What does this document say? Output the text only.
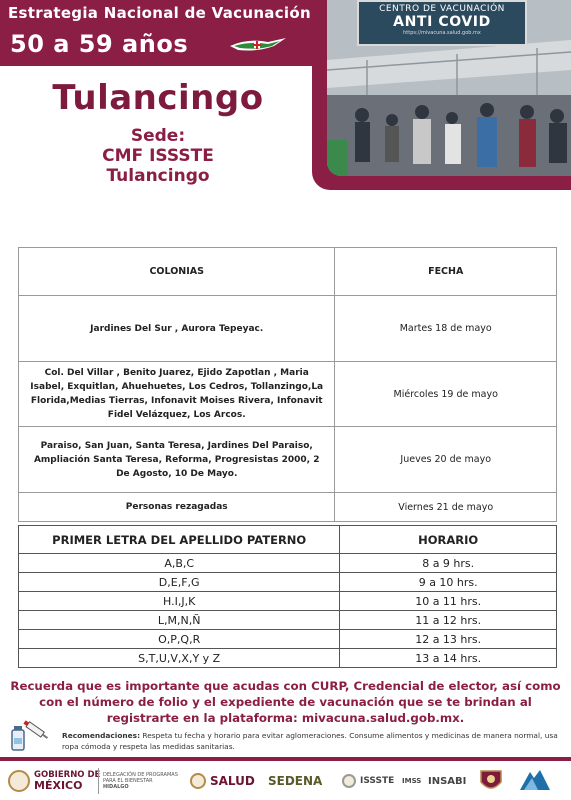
Estrategia Nacional de Vacunación
50 a 59 años
CENTRO DE VACUNACIÓN
ANTI COVID
https://mivacuna.salud.gob.mx
Tulancingo
Sede:
CMF ISSSTE
Tulancingo
COLONIAS	FECHA
Jardines Del Sur , Aurora Tepeyac.	Martes 18 de mayo
Col. Del Villar , Benito Juarez, Ejido Zapotlan , Maria Isabel, Exquitlan, Ahuehuetes, Los Cedros, Tollanzingo,La Florida,Medias Tierras, Infonavit Moises Rivera, Infonavit Fidel Velázquez, Los Arcos.	Miércoles 19 de mayo
Paraiso, San Juan, Santa Teresa, Jardines Del Paraiso, Ampliación Santa Teresa, Reforma, Progresistas 2000, 2 De Agosto, 10 De Mayo.	Jueves 20 de mayo
Personas rezagadas	Viernes 21 de mayo
PRIMER LETRA DEL APELLIDO PATERNO	HORARIO
A,B,C	8 a 9 hrs.
D,E,F,G	9 a 10 hrs.
H.I,J,K	10 a 11 hrs.
L,M,N,Ñ	11 a 12 hrs.
O,P,Q,R	12 a 13 hrs.
S,T,U,V,X,Y y Z	13 a 14 hrs.
Recuerda que es importante que acudas con CURP, Credencial de elector, así como con el número de folio y el expediente de vacunación que se te brindan al registrarte en la plataforma: mivacuna.salud.gob.mx.
Recomendaciones: Respeta tu fecha y horario para evitar aglomeraciones. Consume alimentos y medicinas de manera normal, usa ropa cómoda y respeta las medidas sanitarias.
GOBIERNO DE
MÉXICO
DELEGACIÓN DE PROGRAMAS
PARA EL BIENESTAR
HIDALGO	SALUD SEDENA	ISSSTE IMSS INSABI
